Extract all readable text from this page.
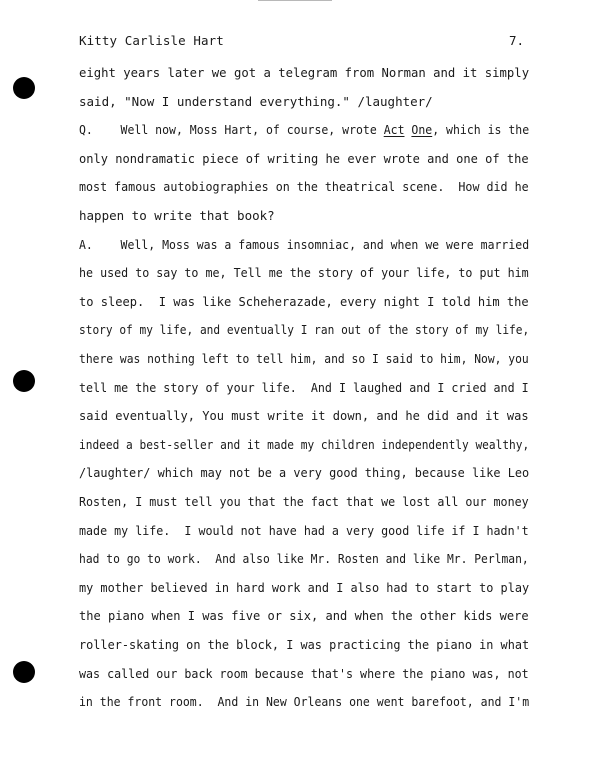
Kitty Carlisle Hart	7.
eight years later we got a telegram from Norman and it simply
said, "Now I understand everything." /laughter/
Q.    Well now, Moss Hart, of course, wrote Act One, which is the
only nondramatic piece of writing he ever wrote and one of the
most famous autobiographies on the theatrical scene.  How did he
happen to write that book?
A.    Well, Moss was a famous insomniac, and when we were married
he used to say to me, Tell me the story of your life, to put him
to sleep.  I was like Scheherazade, every night I told him the
story of my life, and eventually I ran out of the story of my life,
there was nothing left to tell him, and so I said to him, Now, you
tell me the story of your life.  And I laughed and I cried and I
said eventually, You must write it down, and he did and it was
indeed a best-seller and it made my children independently wealthy,
/laughter/ which may not be a very good thing, because like Leo
Rosten, I must tell you that the fact that we lost all our money
made my life.  I would not have had a very good life if I hadn't
had to go to work.  And also like Mr. Rosten and like Mr. Perlman,
my mother believed in hard work and I also had to start to play
the piano when I was five or six, and when the other kids were
roller-skating on the block, I was practicing the piano in what
was called our back room because that's where the piano was, not
in the front room.  And in New Orleans one went barefoot, and I'm
